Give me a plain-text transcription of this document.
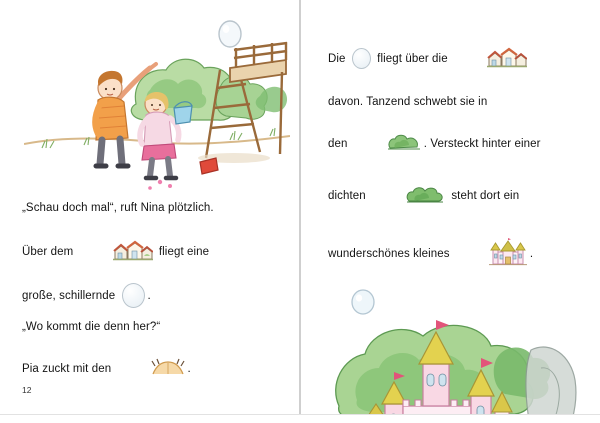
„Schau doch mal“, ruft Nina plötzlich.
Über dem

	fliegt eine
große, schillernde	.
„Wo kommt die denn her?“
Pia zuckt mit den

	.
12
Die fliegt über die

davon. Tanzend schwebt sie in
den

	. Versteckt hinter einer
dichten

	steht dort ein
wunderschönes kleines

	.
